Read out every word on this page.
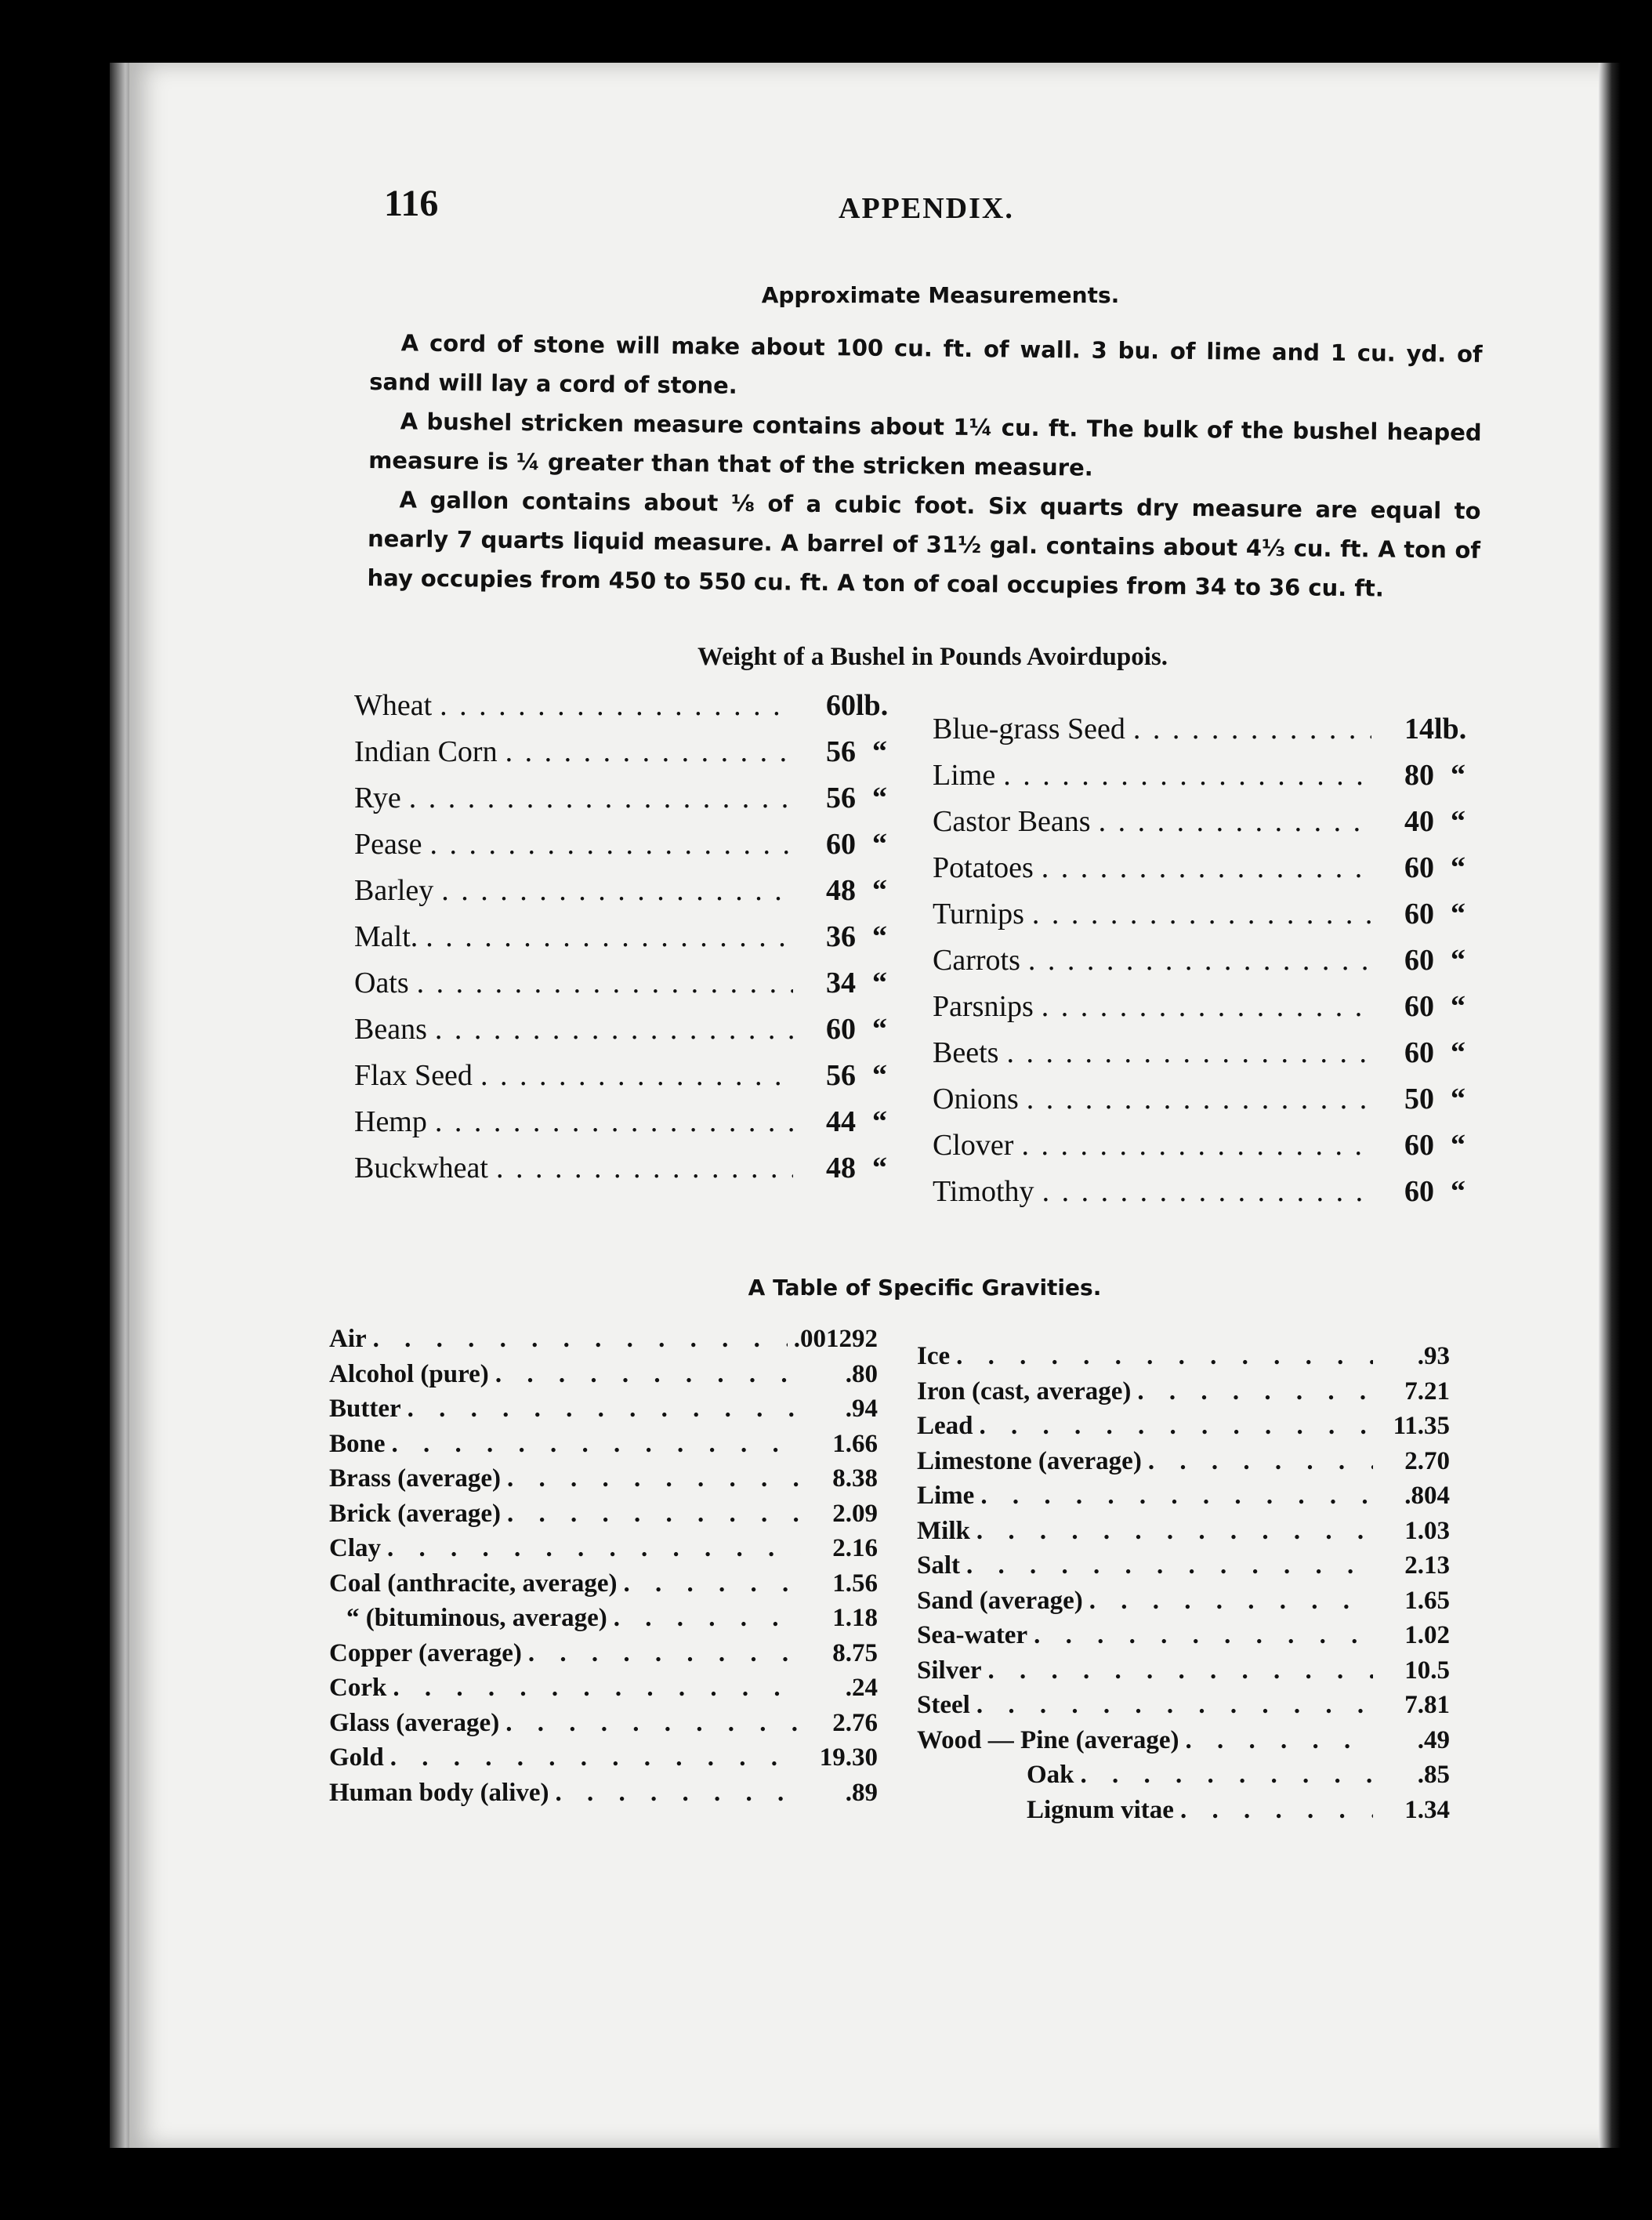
116	APPENDIX.
Approximate Measurements.

A cord of stone will make about 100 cu. ft. of wall. 3 bu. of lime and 1 cu. yd. of sand will lay a cord of stone.

A bushel stricken measure contains about 1¼ cu. ft. The bulk of the bushel heaped measure is ¼ greater than that of the stricken measure.

A gallon contains about ⅛ of a cubic foot. Six quarts dry measure are equal to nearly 7 quarts liquid measure. A barrel of 31½ gal. contains about 4⅓ cu. ft. A ton of hay occupies from 450 to 550 cu. ft. A ton of coal occupies from 34 to 36 cu. ft.

Weight of a Bushel in Pounds Avoirdupois.
Wheat . . .	60 lb.
Indian Corn . . .	56 “
Rye . . .	56 “
Pease . . .	60 “
Barley . . .	48 “
Malt. . . .	36 “
Oats . . .	34 “
Beans . . .	60 “
Flax Seed . . .	56 “
Hemp . . .	44 “
Buckwheat . . .	48 “
Blue-grass Seed . . .	14 lb.
Lime . . .	80 “
Castor Beans . . .	40 “
Potatoes . . .	60 “
Turnips . . .	60 “
Carrots . . .	60 “
Parsnips . . .	60 “
Beets . . .	60 “
Onions . . .	50 “
Clover . . .	60 “
Timothy . . .	60 “
A Table of Specific Gravities.
Air . . .	.001292
Alcohol (pure) . . .	.80
Butter . . .	.94
Bone . . .	1.66
Brass (average) . . .	8.38
Brick (average) . . .	2.09
Clay . . .	2.16
Coal (anthracite, average) . . .	1.56
“ (bituminous, average) . . .	1.18
Copper (average) . . .	8.75
Cork . . .	.24
Glass (average) . . .	2.76
Gold . . .	19.30
Human body (alive) . . .	.89
Ice . . .	.93
Iron (cast, average) . . .	7.21
Lead . . .	11.35
Limestone (average) . . .	2.70
Lime . . .	.804
Milk . . .	1.03
Salt . . .	2.13
Sand (average) . . .	1.65
Sea-water . . .	1.02
Silver . . .	10.5
Steel . . .	7.81
Wood — Pine (average) . . .	.49
Oak . . .	.85
Lignum vitae . . .	1.34
